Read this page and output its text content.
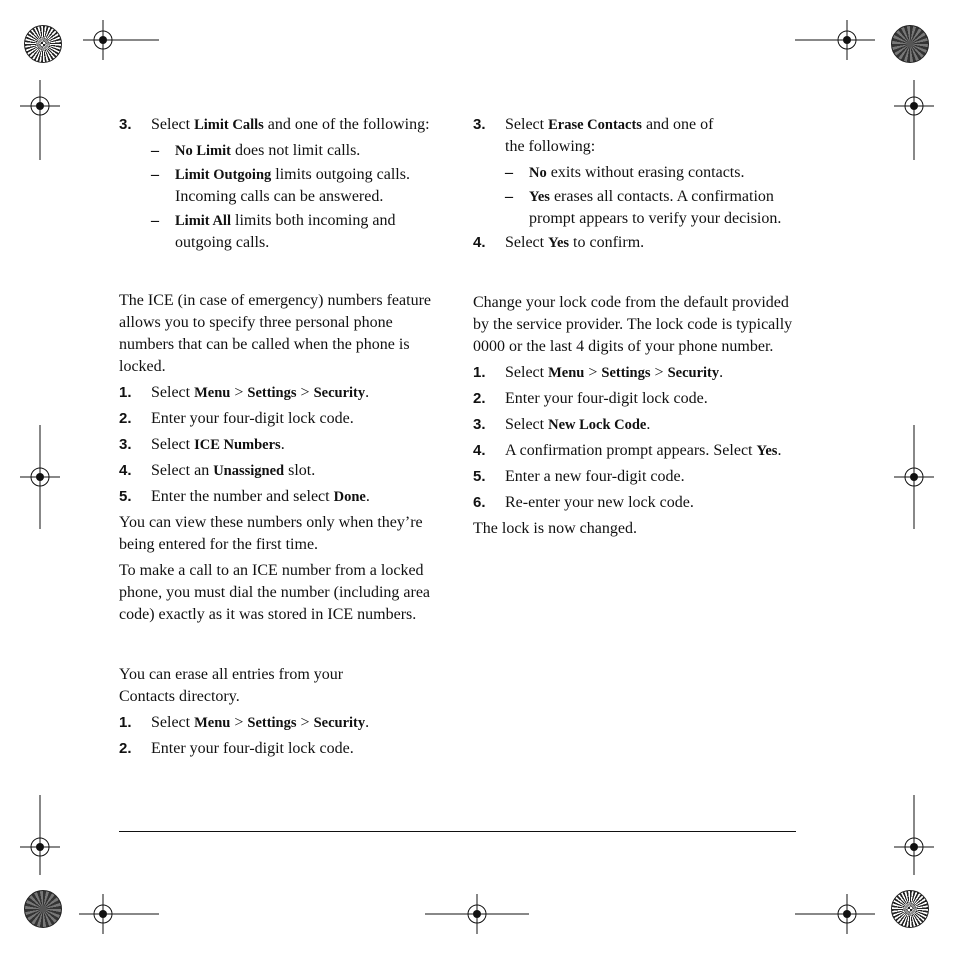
3. Select Limit Calls and one of the following:
– No Limit does not limit calls.
– Limit Outgoing limits outgoing calls. Incoming calls can be answered.
– Limit All limits both incoming and outgoing calls.

The ICE (in case of emergency) numbers feature allows you to specify three personal phone numbers that can be called when the phone is locked.

1. Select Menu > Settings > Security.
2. Enter your four-digit lock code.
3. Select ICE Numbers.
4. Select an Unassigned slot.
5. Enter the number and select Done.

You can view these numbers only when they’re being entered for the first time.

To make a call to an ICE number from a locked phone, you must dial the number (including area code) exactly as it was stored in ICE numbers.

You can erase all entries from your Contacts directory.

1. Select Menu > Settings > Security.
2. Enter your four-digit lock code.
3. Select Erase Contacts and one of the following:
– No exits without erasing contacts.
– Yes erases all contacts. A confirmation prompt appears to verify your decision.
4. Select Yes to confirm.

Change your lock code from the default provided by the service provider. The lock code is typically 0000 or the last 4 digits of your phone number.

1. Select Menu > Settings > Security.
2. Enter your four-digit lock code.
3. Select New Lock Code.
4. A confirmation prompt appears. Select Yes.
5. Enter a new four-digit code.
6. Re-enter your new lock code.

The lock is now changed.
